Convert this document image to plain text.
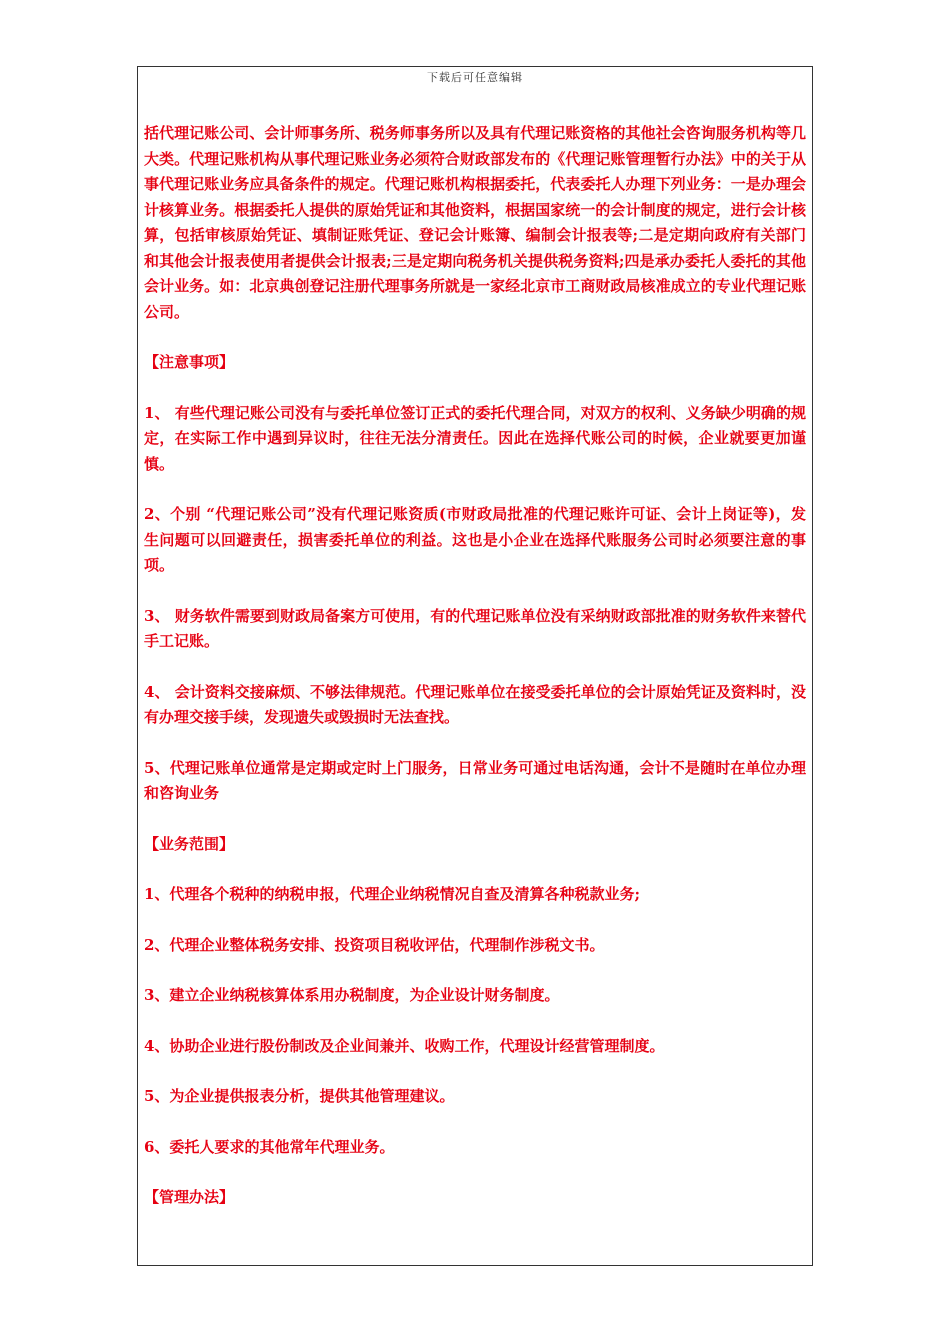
下载后可任意编辑

括代理记账公司、会计师事务所、税务师事务所以及具有代理记账资格的其他社会咨询服务机构等几大类。代理记账机构从事代理记账业务必须符合财政部发布的《代理记账管理暂行办法》中的关于从事代理记账业务应具备条件的规定。代理记账机构根据委托，代表委托人办理下列业务：一是办理会计核算业务。根据委托人提供的原始凭证和其他资料，根据国家统一的会计制度的规定，进行会计核算，包括审核原始凭证、填制证账凭证、登记会计账簿、编制会计报表等;二是定期向政府有关部门和其他会计报表使用者提供会计报表;三是定期向税务机关提供税务资料;四是承办委托人委托的其他会计业务。如：北京典创登记注册代理事务所就是一家经北京市工商财政局核准成立的专业代理记账公司。

【注意事项】

1、 有些代理记账公司没有与委托单位签订正式的委托代理合同，对双方的权利、义务缺少明确的规定，在实际工作中遇到异议时，往往无法分清责任。因此在选择代账公司的时候，企业就要更加谨慎。

2、个别 “代理记账公司”没有代理记账资质(市财政局批准的代理记账许可证、会计上岗证等)，发生问题可以回避责任，损害委托单位的利益。这也是小企业在选择代账服务公司时必须要注意的事项。

3、 财务软件需要到财政局备案方可使用，有的代理记账单位没有采纳财政部批准的财务软件来替代手工记账。

4、 会计资料交接麻烦、不够法律规范。代理记账单位在接受委托单位的会计原始凭证及资料时，没有办理交接手续，发现遗失或毁损时无法查找。

5、代理记账单位通常是定期或定时上门服务，日常业务可通过电话沟通，会计不是随时在单位办理和咨询业务

【业务范围】

1、代理各个税种的纳税申报，代理企业纳税情况自查及清算各种税款业务;

2、代理企业整体税务安排、投资项目税收评估，代理制作涉税文书。

3、建立企业纳税核算体系用办税制度，为企业设计财务制度。

4、协助企业进行股份制改及企业间兼并、收购工作，代理设计经营管理制度。

5、为企业提供报表分析，提供其他管理建议。

6、委托人要求的其他常年代理业务。

【管理办法】
